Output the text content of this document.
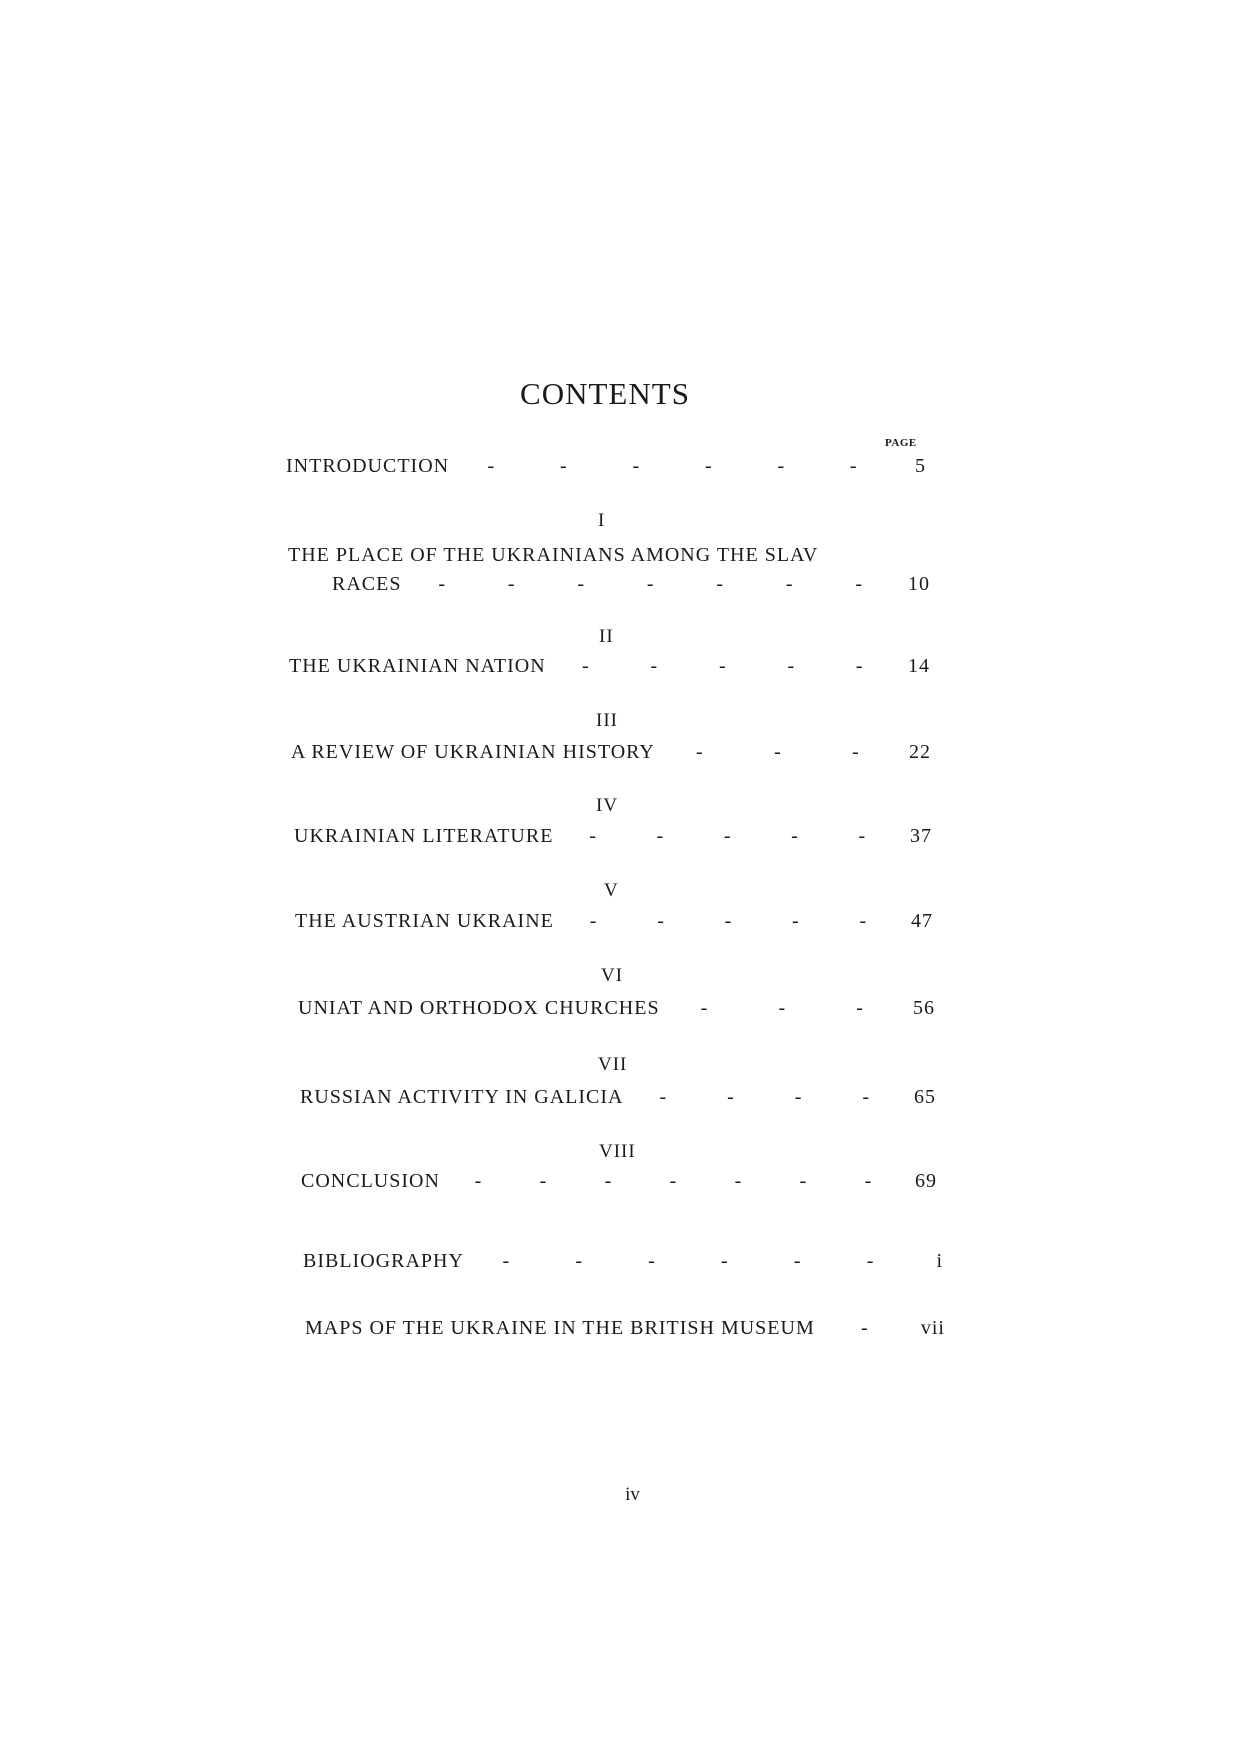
CONTENTS
PAGE
INTRODUCTION -	-	-	-	-	-	5
I
THE PLACE OF THE UKRAINIANS AMONG THE SLAV
RACES -	-	-	-	-	-	-	10
II
THE UKRAINIAN NATION -	-	-	-	-	14
III
A REVIEW OF UKRAINIAN HISTORY -	-	-	22
IV
UKRAINIAN LITERATURE -	-	-	-	-	37
V
THE AUSTRIAN UKRAINE -	-	-	-	-	47
VI
UNIAT AND ORTHODOX CHURCHES -	-	-	56
VII
RUSSIAN ACTIVITY IN GALICIA -	-	-	-	65
VIII
CONCLUSION -	-	-	-	-	-	-	69
BIBLIOGRAPHY -	-	-	-	-	-	i
MAPS OF THE UKRAINE IN THE BRITISH MUSEUM -	vii
iv
